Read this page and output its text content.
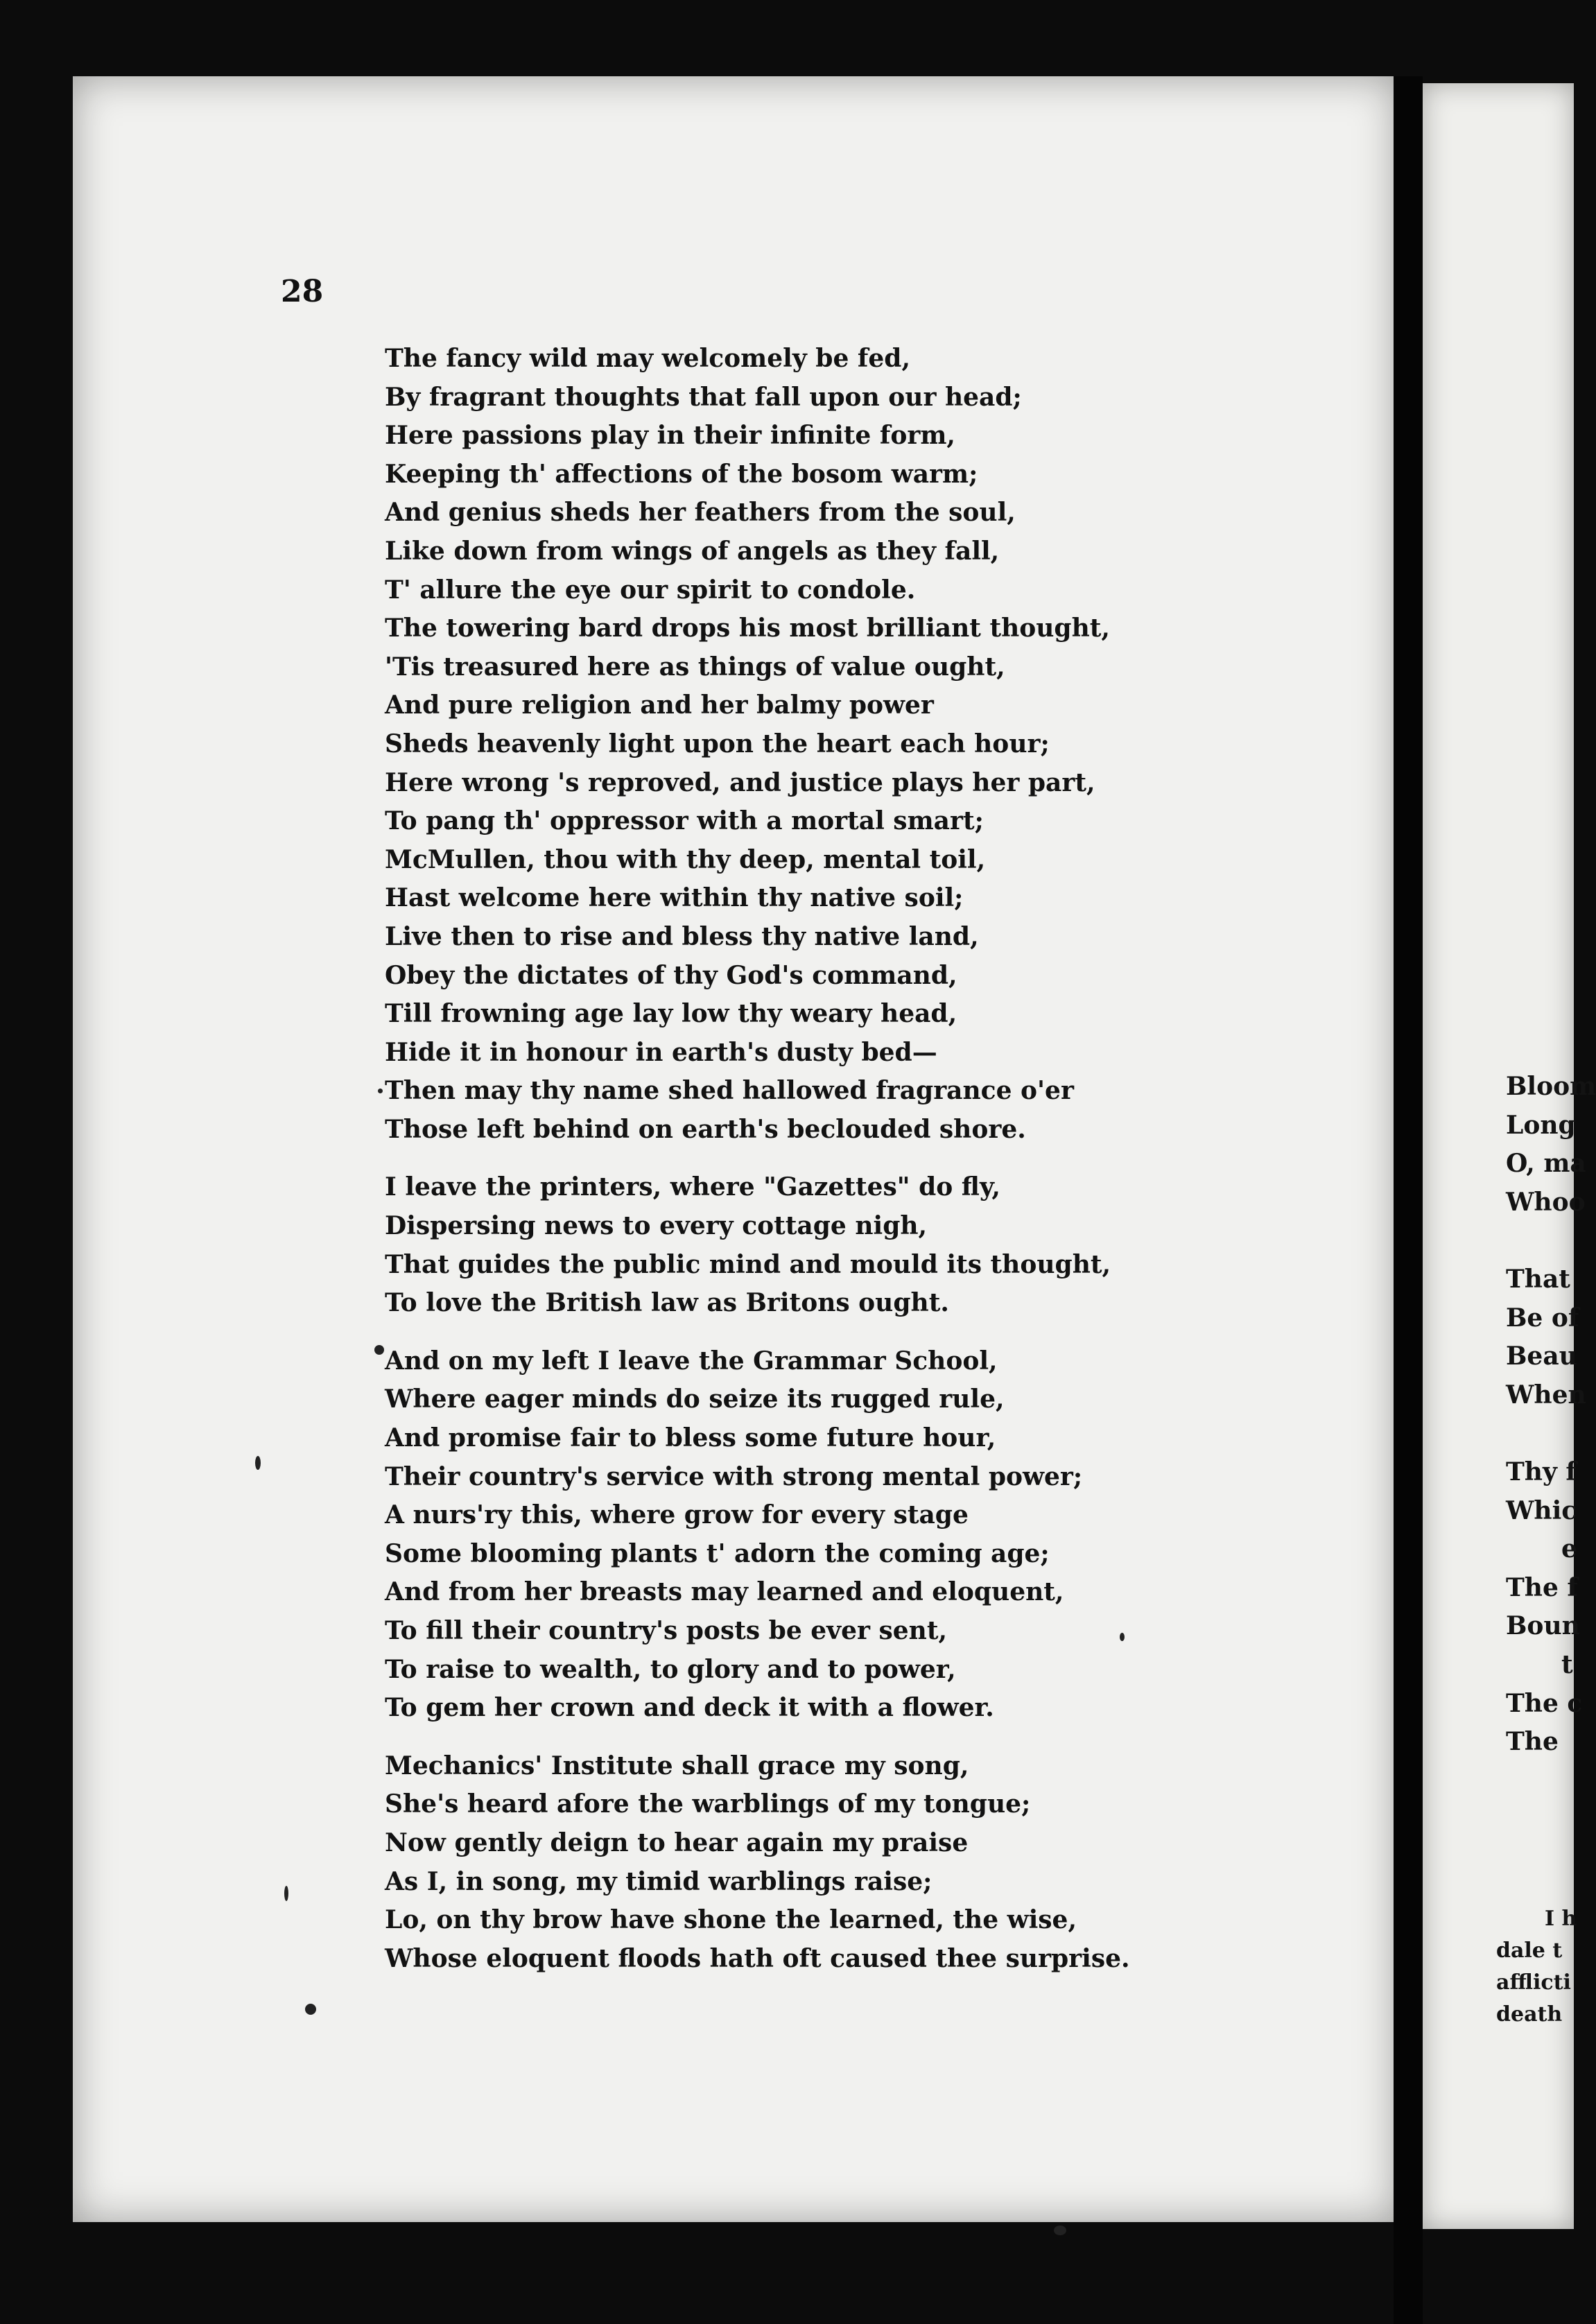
28
The fancy wild may welcomely be fed,
By fragrant thoughts that fall upon our head;
Here passions play in their infinite form,
Keeping th' affections of the bosom warm;
And genius sheds her feathers from the soul,
Like down from wings of angels as they fall,
T' allure the eye our spirit to condole.
The towering bard drops his most brilliant thought,
'Tis treasured here as things of value ought,
And pure religion and her balmy power
Sheds heavenly light upon the heart each hour;
Here wrong 's reproved, and justice plays her part,
To pang th' oppressor with a mortal smart;
McMullen, thou with thy deep, mental toil,
Hast welcome here within thy native soil;
Live then to rise and bless thy native land,
Obey the dictates of thy God's command,
Till frowning age lay low thy weary head,
Hide it in honour in earth's dusty bed—
Then may thy name shed hallowed fragrance o'er
Those left behind on earth's beclouded shore.
I leave the printers, where "Gazettes" do fly,
Dispersing news to every cottage nigh,
That guides the public mind and mould its thought,
To love the British law as Britons ought.
And on my left I leave the Grammar School,
Where eager minds do seize its rugged rule,
And promise fair to bless some future hour,
Their country's service with strong mental power;
A nurs'ry this, where grow for every stage
Some blooming plants t' adorn the coming age;
And from her breasts may learned and eloquent,
To fill their country's posts be ever sent,
To raise to wealth, to glory and to power,
To gem her crown and deck it with a flower.
Mechanics' Institute shall grace my song,
She's heard afore the warblings of my tongue;
Now gently deign to hear again my praise
As I, in song, my timid warblings raise;
Lo, on thy brow have shone the learned, the wise,
Whose eloquent floods hath oft caused thee surprise.
Bloom
Long
O, ma
Whoo

That
Be of
Beau
When

Thy f
Whic
e
The f
Boun
t
The c
The
I h
dale t
afflicti
death
